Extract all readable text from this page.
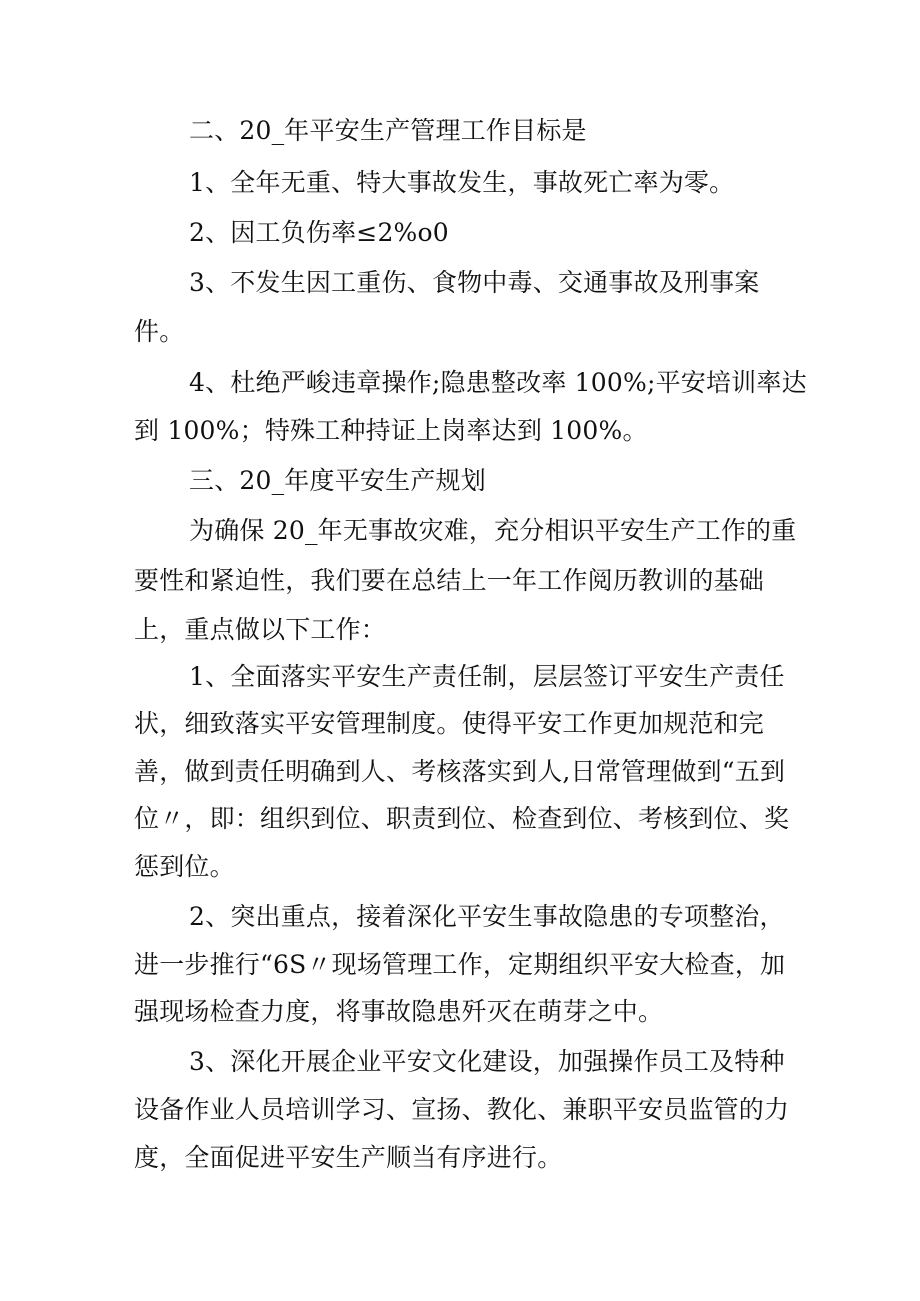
二、20_年平安生产管理工作目标是
1、全年无重、特大事故发生，事故死亡率为零。
2、因工负伤率≤2%o0
3、不发生因工重伤、食物中毒、交通事故及刑事案
件。
4、杜绝严峻违章操作;隐患整改率 100%;平安培训率达
到 100%；特殊工种持证上岗率达到 100%。
三、20_年度平安生产规划
为确保 20_年无事故灾难，充分相识平安生产工作的重
要性和紧迫性，我们要在总结上一年工作阅历教训的基础
上，重点做以下工作：
1、全面落实平安生产责任制，层层签订平安生产责任
状，细致落实平安管理制度。使得平安工作更加规范和完
善，做到责任明确到人、考核落实到人,日常管理做到“五到
位〃，即：组织到位、职责到位、检查到位、考核到位、奖
惩到位。
2、突出重点，接着深化平安生事故隐患的专项整治，
进一步推行“6S〃现场管理工作，定期组织平安大检查，加
强现场检查力度，将事故隐患歼灭在萌芽之中。
3、深化开展企业平安文化建设，加强操作员工及特种
设备作业人员培训学习、宣扬、教化、兼职平安员监管的力
度，全面促进平安生产顺当有序进行。
